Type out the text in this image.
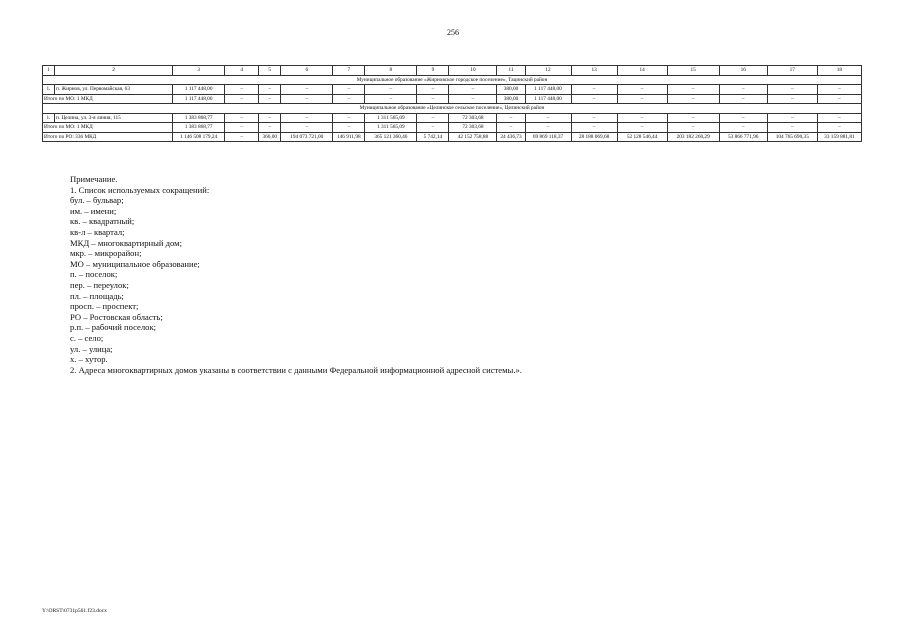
256
1	2	3	4	5	6	7	8	9	10	11	12	13	14	15	16	17	18
Муниципальное образование «Жирновское городское поселение», Тацинский район																	
1.	п. Жирнов, ул. Первомайская, 63	1 117 448,00	–	–	–	–	–	–	–	380,00	1 117 448,00	–	–	–	–	–	–
Итого по МО: 1 МКД		1 117 448,00	–	–	–	–	–	–	–	380,00	1 117 448,00	–	–	–	–	–	–
Муниципальное образование «Целинское сельское поселение», Целинский район																	
1.	п. Целина, ул. 3-я линия, 115	1 383 868,77	–	–	–	–	1 311 565,09	–	72 303,68	–	–	–	–	–	–	–	–
Итого по МО: 1 МКД		1 383 868,77	–	–	–	–	1 311 565,09	–	72 303,68	–	–	–	–	–	–	–	–
Итого по РО: 336 МКД		1 146 508 179,24	–	366,00	194 073 721,00	146 911,98	365 121 360,46	5 742,14	42 152 758,88	24 436,73	69 869 118,37	28 188 069,68	52 128 546,44	203 182 260,29	53 866 771,96	104 765 690,35	33 159 881,81
Примечание.
1. Список используемых сокращений:
бул. – бульвар;
им. – имени;
кв. – квадратный;
кв-л – квартал;
МКД – многоквартирный дом;
мкр. – микрорайон;
МО – муниципальное образование;
п. – поселок;
пер. – переулок;
пл. – площадь;
просп. – проспект;
РО – Ростовская область;
р.п. – рабочий поселок;
с. – село;
ул. – улица;
х. – хутор.
2. Адреса многоквартирных домов указаны в соответствии с данными Федеральной информационной адресной системы.».
Y:\ORST\0731p561.f23.docx
